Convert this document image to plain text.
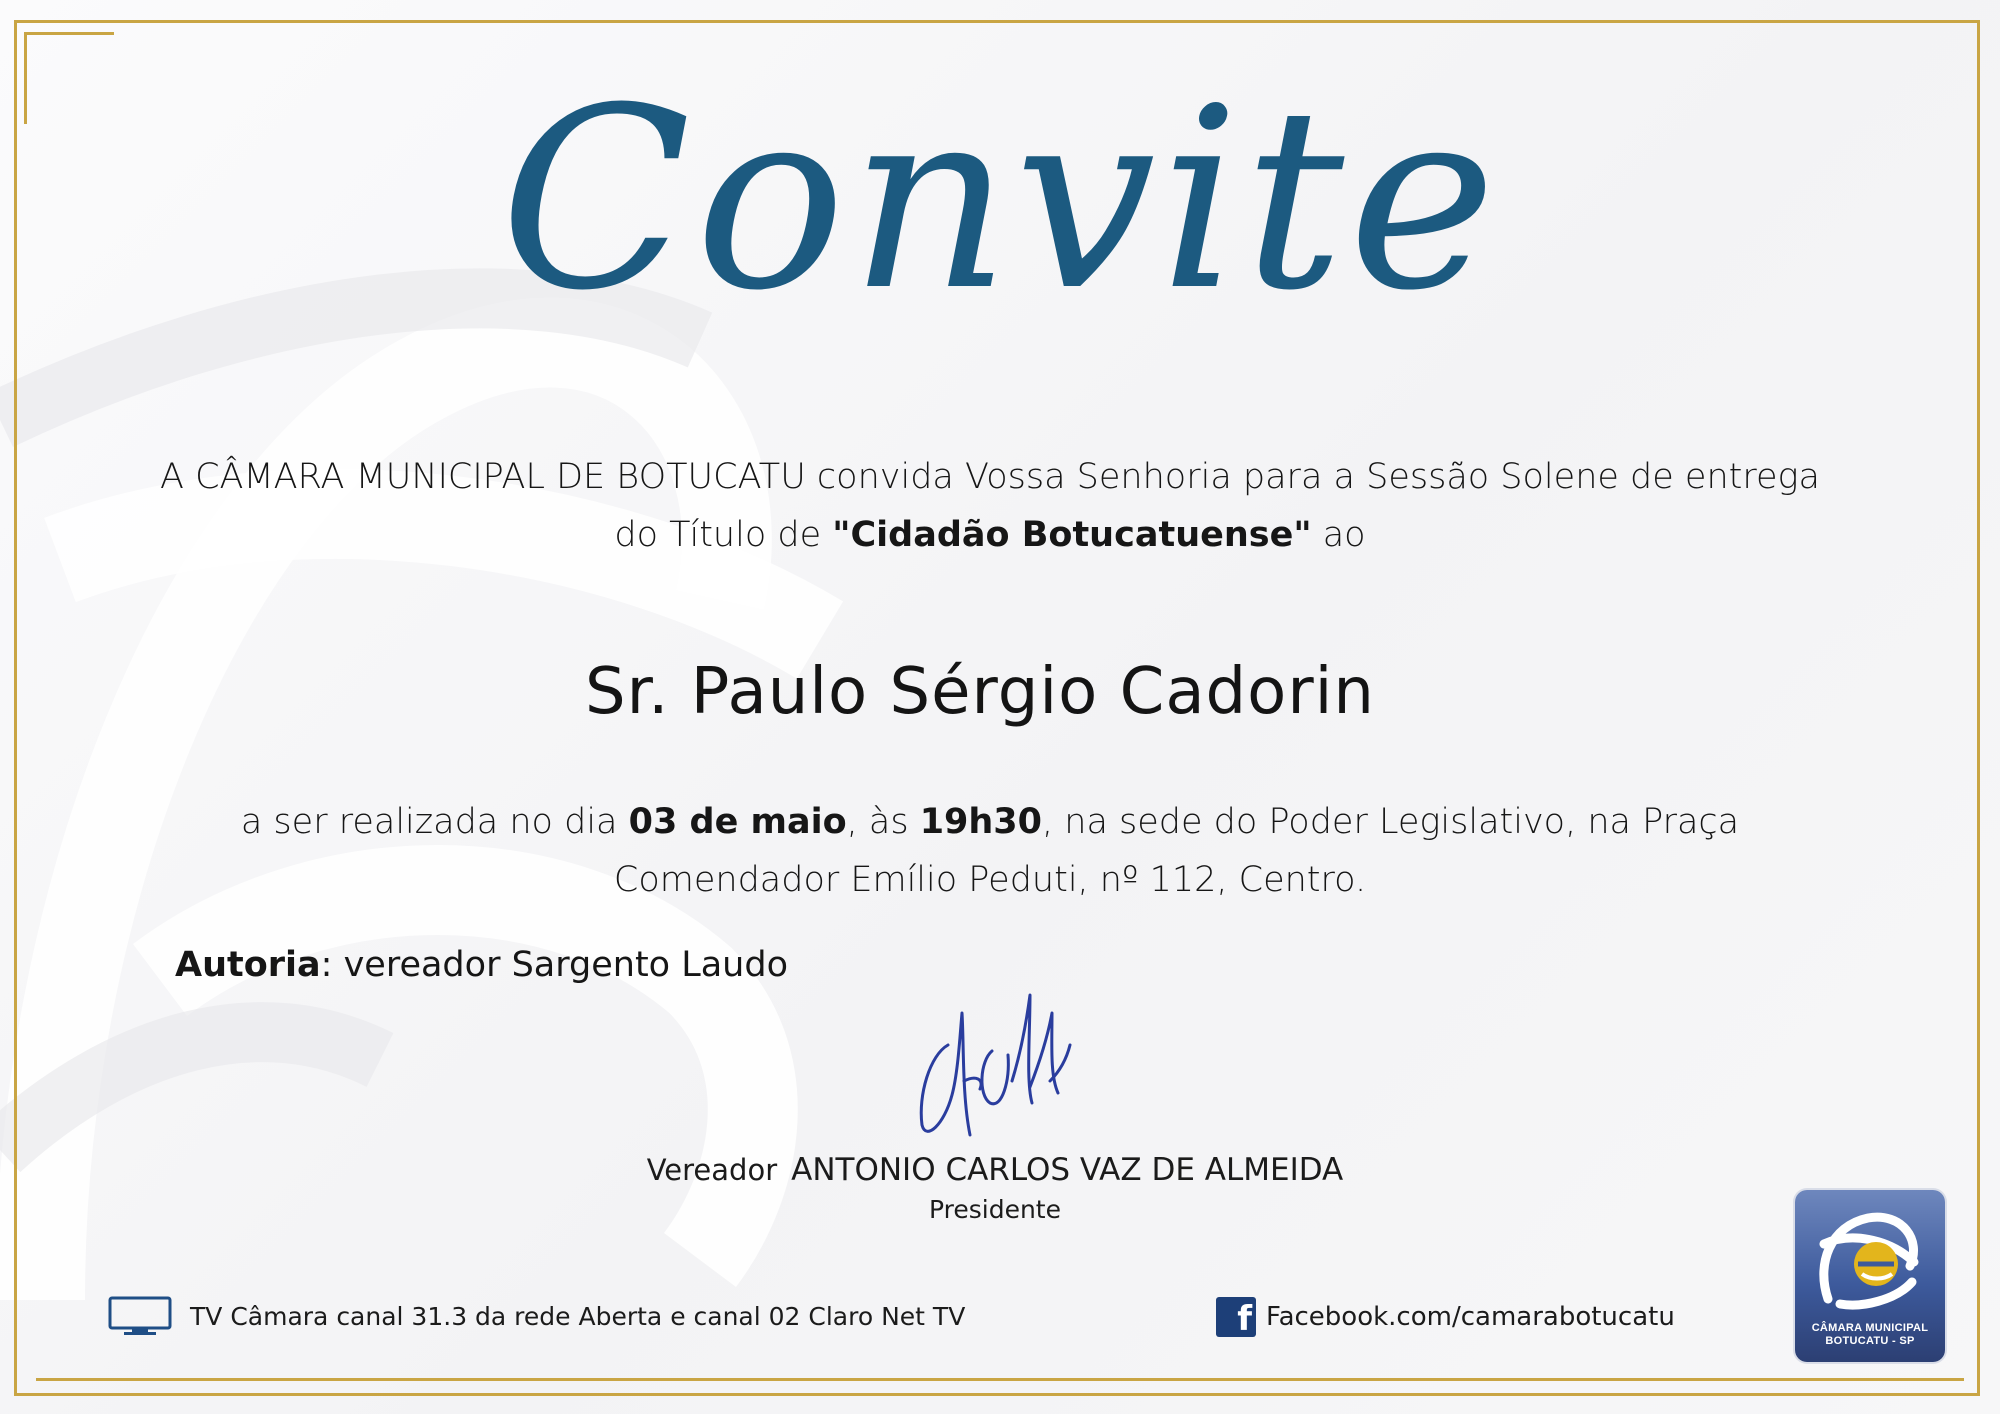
Convite
A CÂMARA MUNICIPAL DE BOTUCATU convida Vossa Senhoria para a Sessão Solene de entrega do Título de "Cidadão Botucatuense" ao
Sr. Paulo Sérgio Cadorin
a ser realizada no dia 03 de maio, às 19h30, na sede do Poder Legislativo, na Praça Comendador Emílio Peduti, nº 112, Centro.
Autoria: vereador Sargento Laudo
Vereador ANTONIO CARLOS VAZ DE ALMEIDA
Presidente
TV Câmara canal 31.3 da rede Aberta e canal 02 Claro Net TV	f Facebook.com/camarabotucatu	CÂMARA MUNICIPAL
BOTUCATU - SP
